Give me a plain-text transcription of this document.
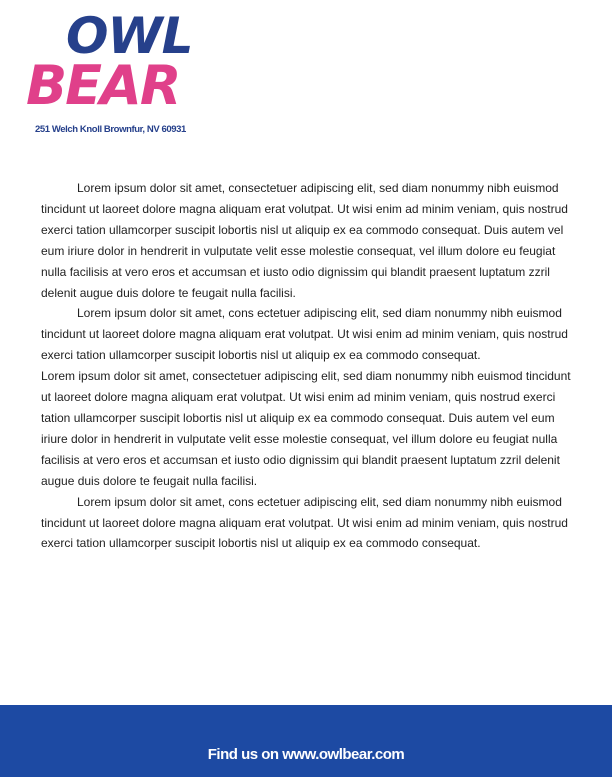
OWL
BEAR
251 Welch Knoll Brownfur, NV 60931

Lorem ipsum dolor sit amet, consectetuer adipiscing elit, sed diam nonummy nibh euismod tincidunt ut laoreet dolore magna aliquam erat volutpat. Ut wisi enim ad minim veniam, quis nostrud exerci tation ullamcorper suscipit lobortis nisl ut aliquip ex ea commodo consequat. Duis autem vel eum iriure dolor in hendrerit in vulputate velit esse molestie consequat, vel illum dolore eu feugiat nulla facilisis at vero eros et accumsan et iusto odio dignissim qui blandit praesent luptatum zzril delenit augue duis dolore te feugait nulla facilisi.

Lorem ipsum dolor sit amet, cons ectetuer adipiscing elit, sed diam nonummy nibh euismod tincidunt ut laoreet dolore magna aliquam erat volutpat. Ut wisi enim ad minim veniam, quis nostrud exerci tation ullamcorper suscipit lobortis nisl ut aliquip ex ea commodo consequat.

Lorem ipsum dolor sit amet, consectetuer adipiscing elit, sed diam nonummy nibh euismod tincidunt ut laoreet dolore magna aliquam erat volutpat. Ut wisi enim ad minim veniam, quis nostrud exerci tation ullamcorper suscipit lobortis nisl ut aliquip ex ea commodo consequat. Duis autem vel eum iriure dolor in hendrerit in vulputate velit esse molestie consequat, vel illum dolore eu feugiat nulla facilisis at vero eros et accumsan et iusto odio dignissim qui blandit praesent luptatum zzril delenit augue duis dolore te feugait nulla facilisi.

Lorem ipsum dolor sit amet, cons ectetuer adipiscing elit, sed diam nonummy nibh euismod tincidunt ut laoreet dolore magna aliquam erat volutpat. Ut wisi enim ad minim veniam, quis nostrud exerci tation ullamcorper suscipit lobortis nisl ut aliquip ex ea commodo consequat.

Find us on www.owlbear.com
